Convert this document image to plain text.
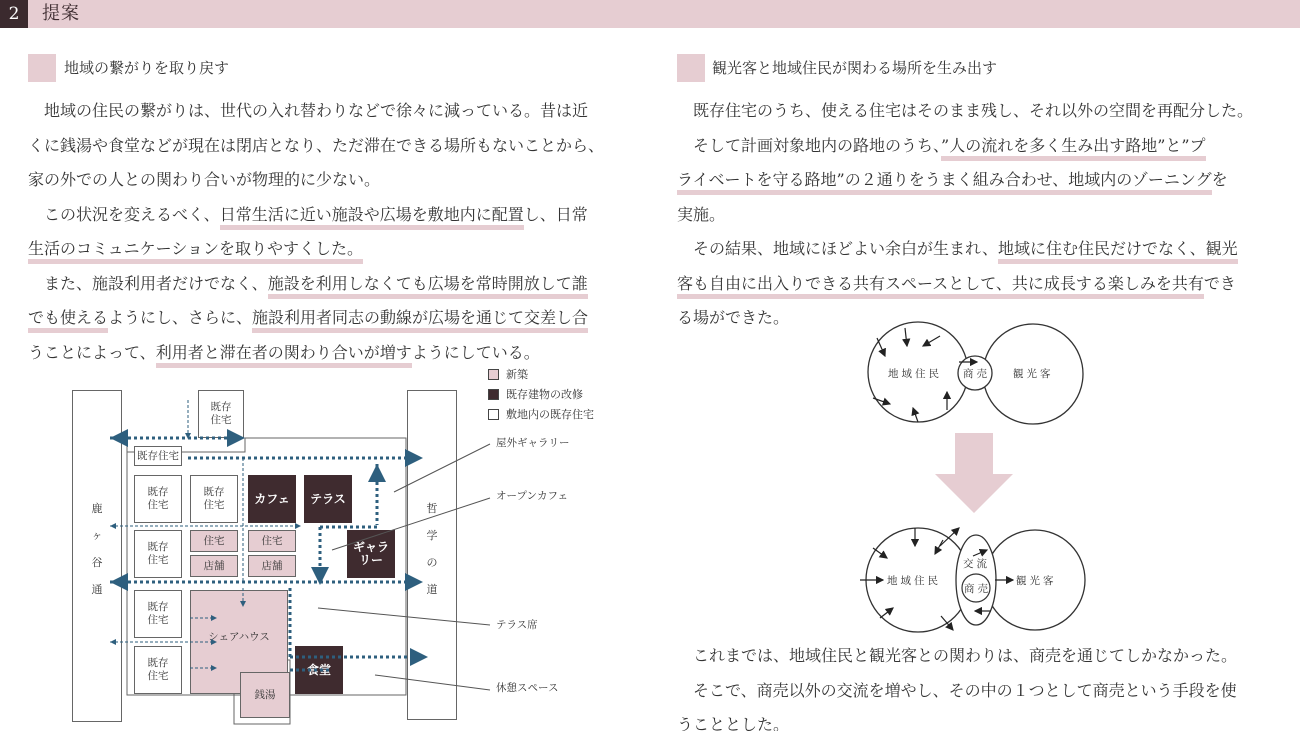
2	提案
地域の繋がりを取り戻す

地域の住民の繋がりは、世代の入れ替わりなどで徐々に減っている。昔は近

くに銭湯や食堂などが現在は閉店となり、ただ滞在できる場所もないことから、

家の外での人との関わり合いが物理的に少ない。

この状況を変えるべく、日常生活に近い施設や広場を敷地内に配置し、日常

生活のコミュニケーションを取りやすくした。

また、施設利用者だけでなく、施設を利用しなくても広場を常時開放して誰

でも使えるようにし、さらに、施設利用者同志の動線が広場を通じて交差し合

うことによって、利用者と滞在者の関わり合いが増すようにしている。

鹿
ヶ
谷
通
哲
学
の
道
既存
住宅
既存住宅
既存
住宅
既存
住宅
既存
住宅
既存
住宅
既存
住宅
カフェ	テラス
ギャラリー
住宅
店舗
住宅
店舗
シェアハウス
食堂
銭湯
新築
既存建物の改修
敷地内の既存住宅
屋外ギャラリー
オープンカフェ
テラス席
休憩スペース
観光客と地域住民が関わる場所を生み出す

既存住宅のうち、使える住宅はそのまま残し、それ以外の空間を再配分した。

そして計画対象地内の路地のうち、”人の流れを多く生み出す路地”と”プ

ライベートを守る路地”の２通りをうまく組み合わせ、地域内のゾーニングを

実施。

その結果、地域にほどよい余白が生まれ、地域に住む住民だけでなく、観光

客も自由に出入りできる共有スペースとして、共に成長する楽しみを共有でき

る場ができた。

地域住民 商売 観光客
地域住民
交流
商売
観光客

これまでは、地域住民と観光客との関わりは、商売を通じてしかなかった。

そこで、商売以外の交流を増やし、その中の１つとして商売という手段を使

うこととした。
